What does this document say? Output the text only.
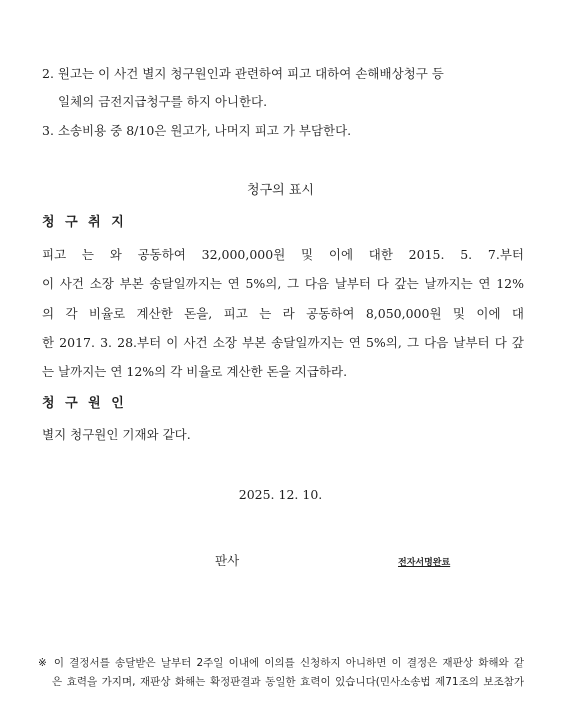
2. 원고는 이 사건 별지 청구원인과 관련하여 피고 대하여 손해배상청구 등
일체의 금전지급청구를 하지 아니한다.
3. 소송비용 중 8/10은 원고가, 나머지 피고 가 부담한다.
청구의 표시
청 구 취 지
피고 는 와 공동하여 32,000,000원 및 이에 대한 2015. 5. 7.부터
이 사건 소장 부본 송달일까지는 연 5%의, 그 다음 날부터 다 갚는 날까지는 연 12%
의 각 비율로 계산한 돈을, 피고 는 라 공동하여 8,050,000원 및 이에 대
한 2017. 3. 28.부터 이 사건 소장 부본 송달일까지는 연 5%의, 그 다음 날부터 다 갚
는 날까지는 연 12%의 각 비율로 계산한 돈을 지급하라.
청 구 원 인
별지 청구원인 기재와 같다.
2025. 12. 10.
판사	전자서명완료
※ 이 결정서를 송달받은 날부터 2주일 이내에 이의를 신청하지 아니하면 이 결정은 재판상 화해와 같
은 효력을 가지며, 재판상 화해는 확정판결과 동일한 효력이 있습니다(민사소송법 제71조의 보조참가
